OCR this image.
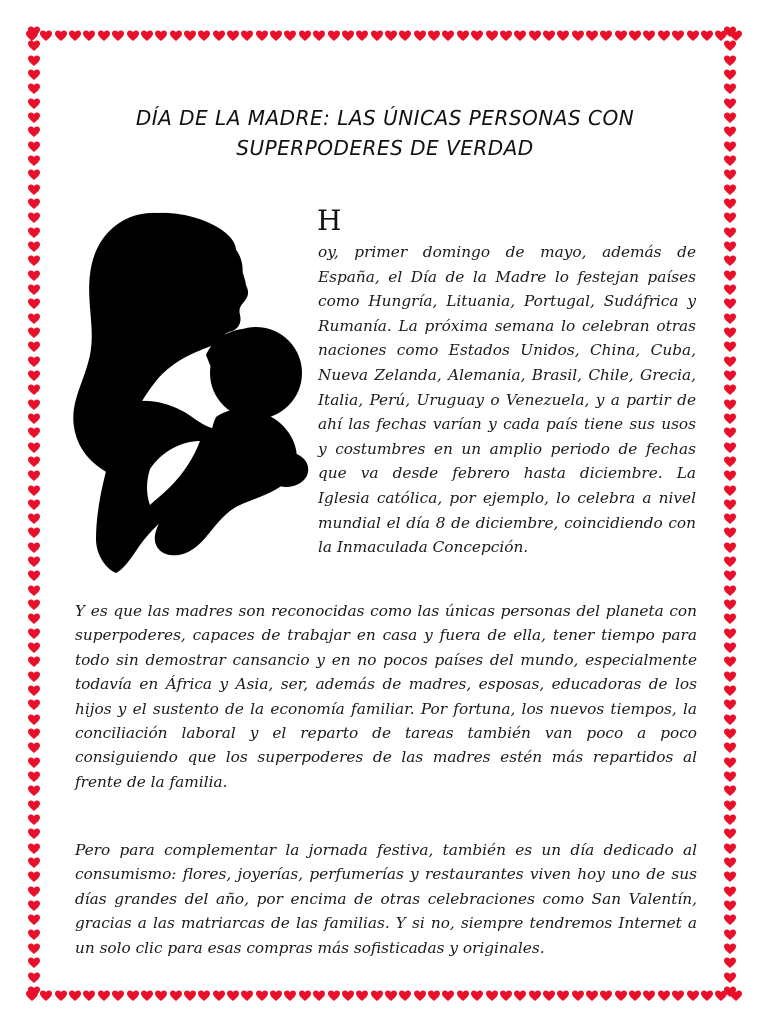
DÍA DE LA MADRE: LAS ÚNICAS PERSONAS CON SUPERPODERES DE VERDAD
H

oy, primer domingo de mayo, además de España, el Día de la Madre lo festejan países como Hungría, Lituania, Portugal, Sudáfrica y Rumanía. La próxima semana lo celebran otras naciones como Estados Unidos, China, Cuba, Nueva Zelanda, Alemania, Brasil, Chile, Grecia, Italia, Perú, Uruguay o Venezuela, y a partir de ahí las fechas varían y cada país tiene sus usos y costumbres en un amplio periodo de fechas que va desde febrero hasta diciembre. La Iglesia católica, por ejemplo, lo celebra a nivel mundial el día 8 de diciembre, coincidiendo con la Inmaculada Concepción.

Y es que las madres son reconocidas como las únicas personas del planeta con superpoderes, capaces de trabajar en casa y fuera de ella, tener tiempo para todo sin demostrar cansancio y en no pocos países del mundo, especialmente todavía en África y Asia, ser, además de madres, esposas, educadoras de los hijos y el sustento de la economía familiar. Por fortuna, los nuevos tiempos, la conciliación laboral y el reparto de tareas también van poco a poco consiguiendo que los superpoderes de las madres estén más repartidos al frente de la familia.

Pero para complementar la jornada festiva, también es un día dedicado al consumismo: flores, joyerías, perfumerías y restaurantes viven hoy uno de sus días grandes del año, por encima de otras celebraciones como San Valentín, gracias a las matriarcas de las familias. Y si no, siempre tendremos Internet a un solo clic para esas compras más sofisticadas y originales.
